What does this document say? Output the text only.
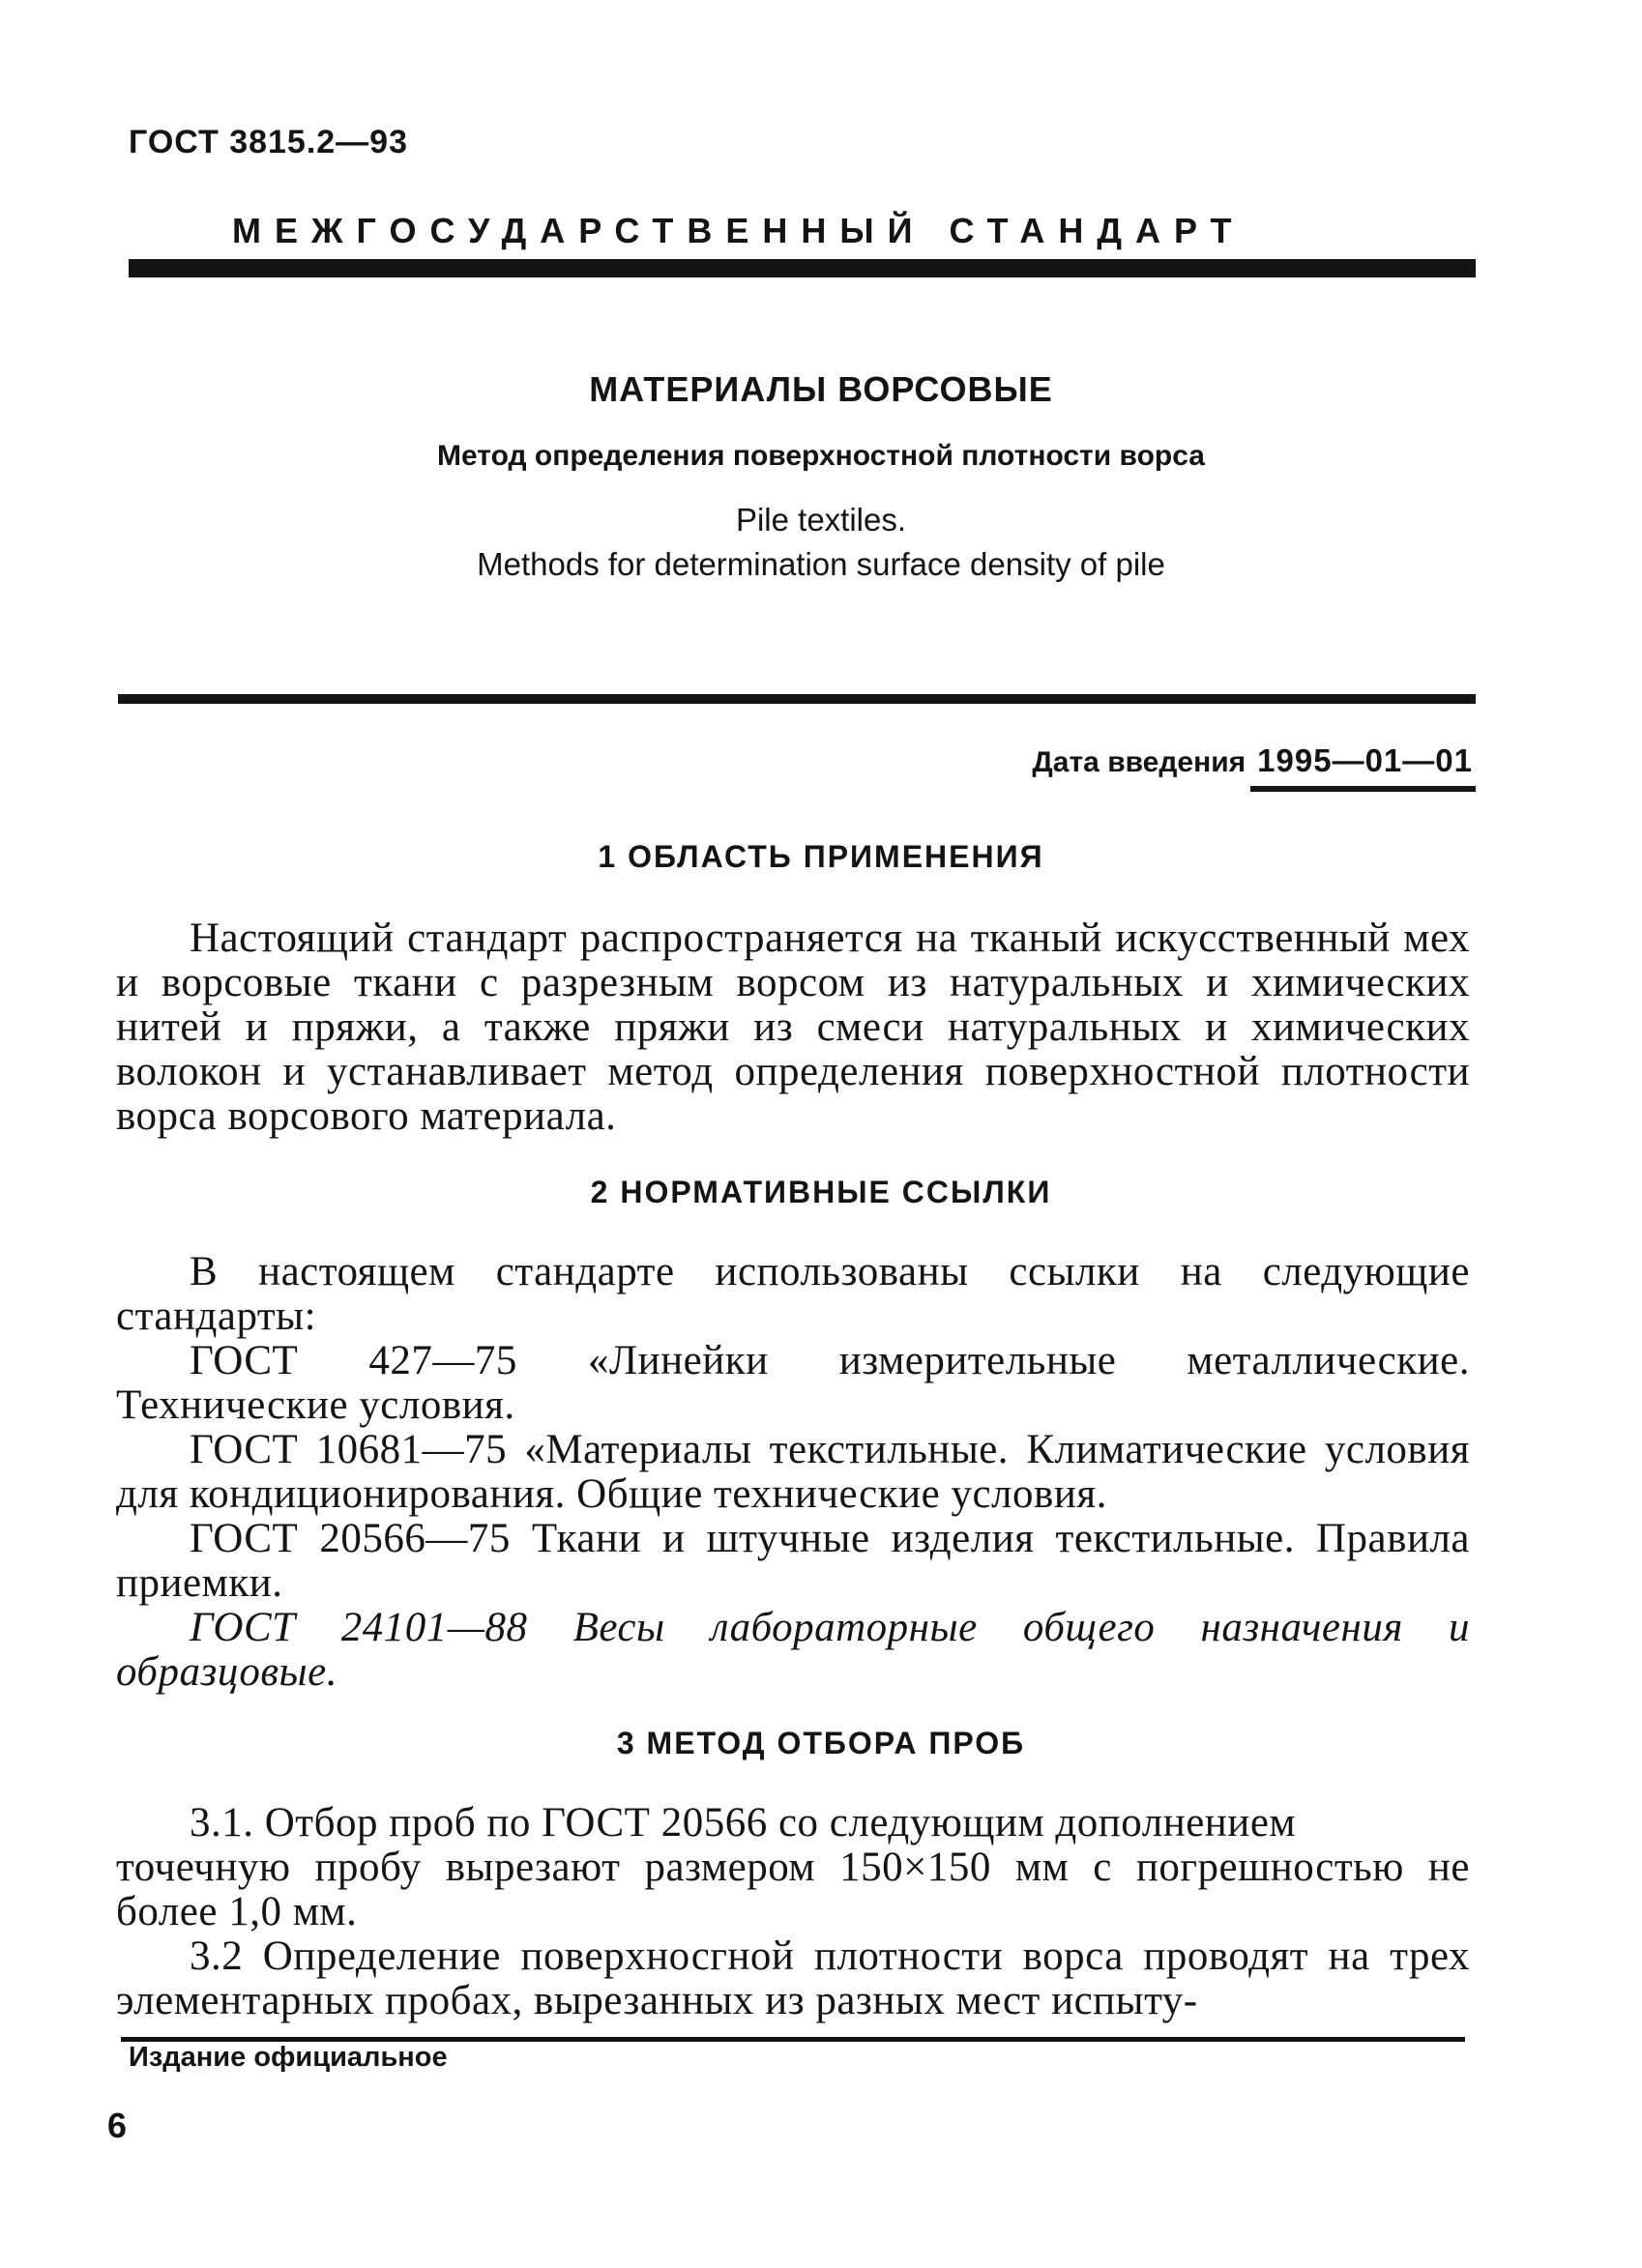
ГОСТ 3815.2—93
МЕЖГОСУДАРСТВЕННЫЙ СТАНДАРТ
МАТЕРИАЛЫ ВОРСОВЫЕ
Метод определения поверхностной плотности ворса
Pile textiles.
Methods for determination surface density of pile
Дата введения 1995—01—01
1 ОБЛАСТЬ ПРИМЕНЕНИЯ

Настоящий стандарт распространяется на тканый искусственный мех и ворсовые ткани с разрезным ворсом из натуральных и химических нитей и пряжи, а также пряжи из смеси натуральных и химических волокон и устанавливает метод определения поверхностной плотности ворса ворсового материала.

2 НОРМАТИВНЫЕ ССЫЛКИ

В настоящем стандарте использованы ссылки на следующие стандарты:

ГОСТ 427—75 «Линейки измерительные металлические. Технические условия.

ГОСТ 10681—75 «Материалы текстильные. Климатические условия для кондиционирования. Общие технические условия.

ГОСТ 20566—75 Ткани и штучные изделия текстильные. Правила приемки.

ГОСТ 24101—88 Весы лабораторные общего назначения и образцовые.

3 МЕТОД ОТБОРА ПРОБ

3.1. Отбор проб по ГОСТ 20566 со следующим дополнением

точечную пробу вырезают размером 150×150 мм с погрешностью не более 1,0 мм.

3.2 Определение поверхносгной плотности ворса проводят на трех элементарных пробах, вырезанных из разных мест испыту-

Издание официальное
6
